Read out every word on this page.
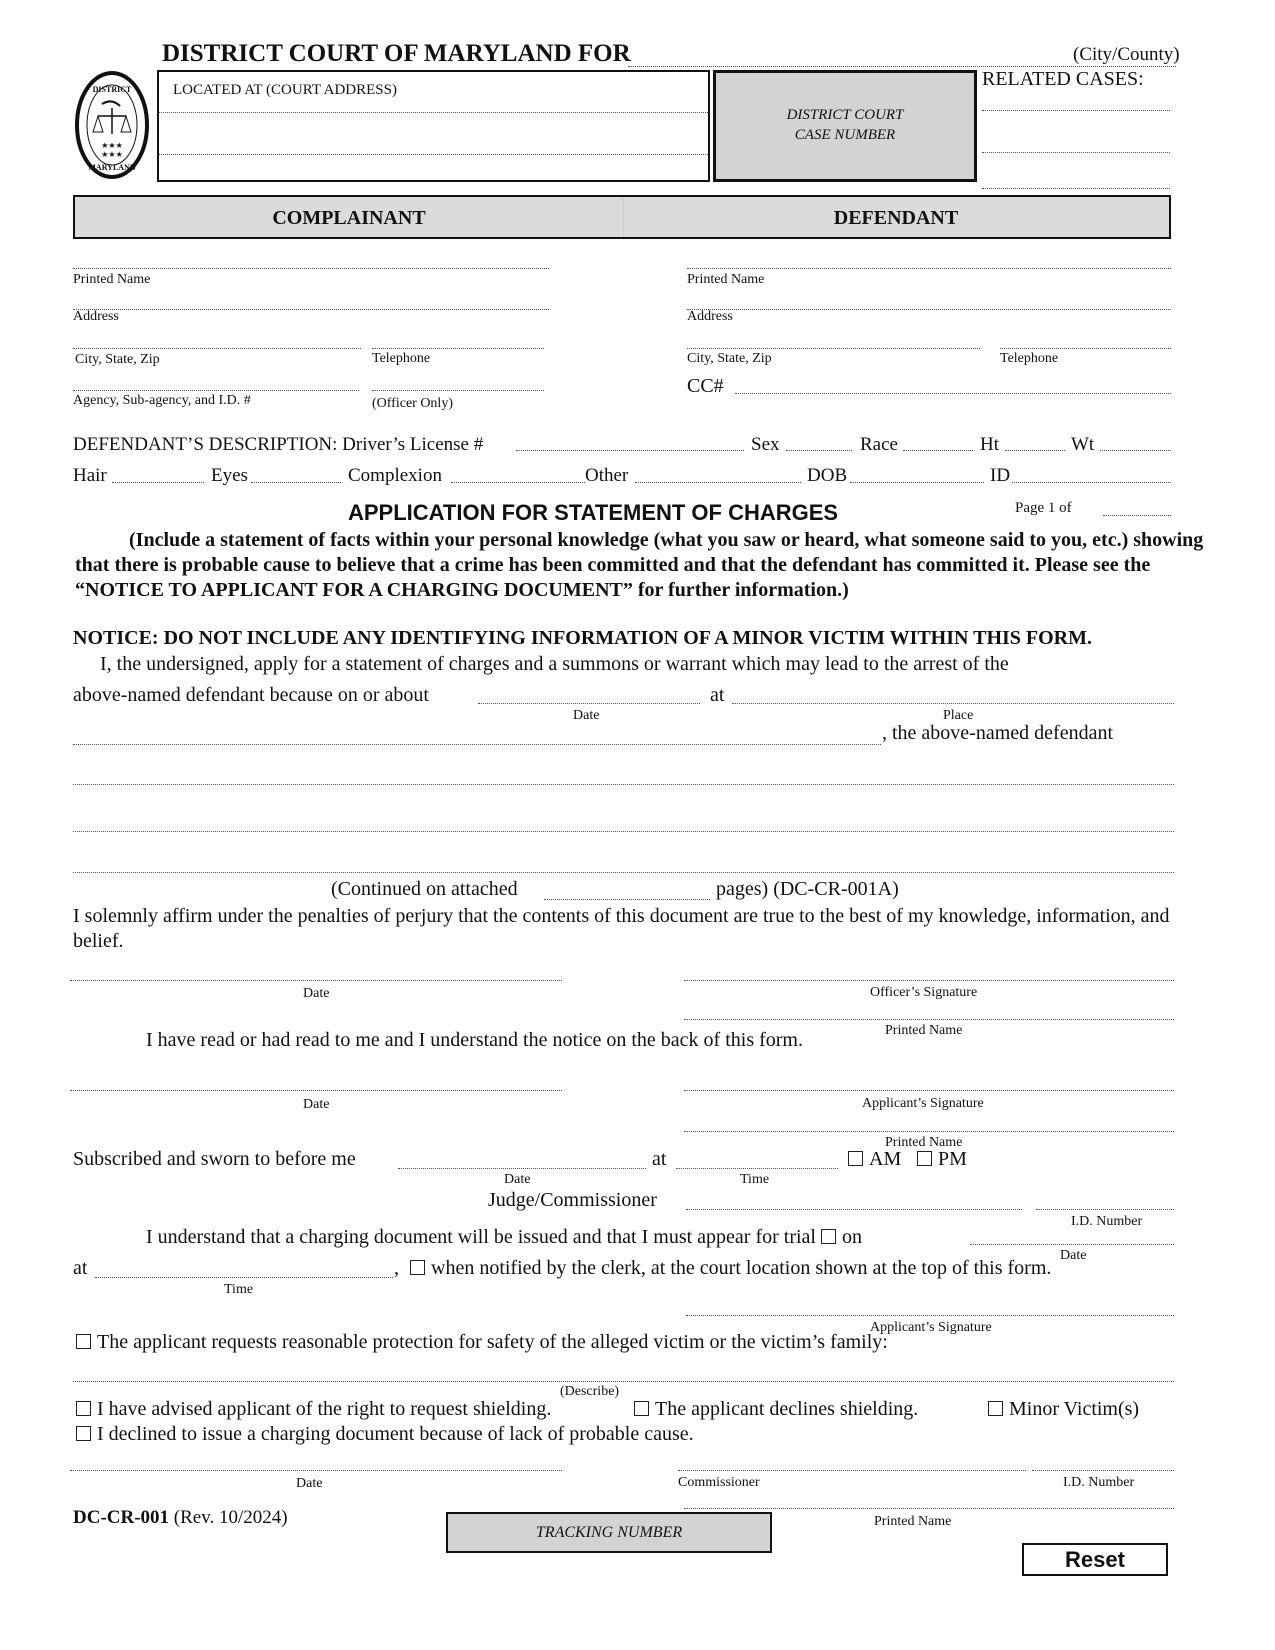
DISTRICT COURT OF MARYLAND FOR	(City/County)
DISTRICT
MARYLAND
★★★
★★★
LOCATED AT (COURT ADDRESS)
DISTRICT COURT
CASE NUMBER
RELATED CASES:
COMPLAINANT	DEFENDANT
Printed Name
Address
City, State, Zip	Telephone
Agency, Sub-agency, and I.D. #	(Officer Only)
Printed Name
Address
City, State, Zip	Telephone
CC#
DEFENDANT’S DESCRIPTION: Driver’s License #	Sex	Race	Ht	Wt
Hair	Eyes	Complexion	Other	DOB	ID
APPLICATION FOR STATEMENT OF CHARGES	Page 1 of
(Include a statement of facts within your personal knowledge (what you saw or heard, what someone said to you, etc.) showing that there is probable cause to believe that a crime has been committed and that the defendant has committed it. Please see the “NOTICE TO APPLICANT FOR A CHARGING DOCUMENT” for further information.)
NOTICE: DO NOT INCLUDE ANY IDENTIFYING INFORMATION OF A MINOR VICTIM WITHIN THIS FORM.
I, the undersigned, apply for a statement of charges and a summons or warrant which may lead to the arrest of the
above-named defendant because on or about	at
Date	Place
, the above-named defendant
(Continued on attached	pages) (DC-CR-001A)
I solemnly affirm under the penalties of perjury that the contents of this document are true to the best of my knowledge, information, and belief.
Date	Officer’s Signature
Printed Name
I have read or had read to me and I understand the notice on the back of this form.
Date	Applicant’s Signature
Printed Name
Subscribed and sworn to before me
Date
at
Time
AM	PM
Judge/Commissioner
I.D. Number
I understand that a charging document will be issued and that I must appear for trial on
Date
at	,
Time
when notified by the clerk, at the court location shown at the top of this form.
Applicant’s Signature
The applicant requests reasonable protection for safety of the alleged victim or the victim’s family:
(Describe)
I have advised applicant of the right to request shielding.	The applicant declines shielding.	Minor Victim(s)
I declined to issue a charging document because of lack of probable cause.
Date	Commissioner	I.D. Number
Printed Name
DC-CR-001 (Rev. 10/2024)
TRACKING NUMBER
Reset
